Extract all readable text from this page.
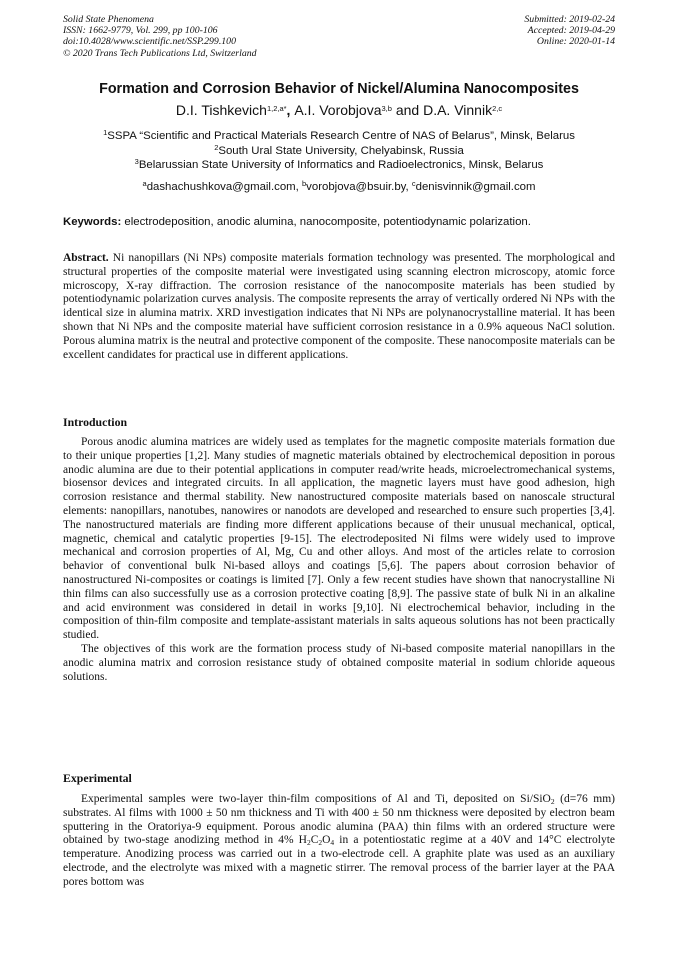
Solid State Phenomena
ISSN: 1662-9779, Vol. 299, pp 100-106
doi:10.4028/www.scientific.net/SSP.299.100
© 2020 Trans Tech Publications Ltd, Switzerland
Submitted: 2019-02-24
Accepted: 2019-04-29
Online: 2020-01-14
Formation and Corrosion Behavior of Nickel/Alumina Nanocomposites
D.I. Tishkevich$^{1,2,a*}$, A.I. Vorobjova$^{3,b}$ and D.A. Vinnik$^{2,c}$
$^1$SSPA “Scientific and Practical Materials Research Centre of NAS of Belarus”, Minsk, Belarus
$^2$South Ural State University, Chelyabinsk, Russia
$^3$Belarussian State University of Informatics and Radioelectronics, Minsk, Belarus
$^a$dashachushkova@gmail.com, $^b$vorobjova@bsuir.by, $^c$denisvinnik@gmail.com
Keywords: electrodeposition, anodic alumina, nanocomposite, potentiodynamic polarization.

Abstract. Ni nanopillars (Ni NPs) composite materials formation technology was presented. The morphological and structural properties of the composite material were investigated using scanning electron microscopy, atomic force microscopy, X-ray diffraction. The corrosion resistance of the nanocomposite materials has been studied by potentiodynamic polarization curves analysis. The composite represents the array of vertically ordered Ni NPs with the identical size in alumina matrix. XRD investigation indicates that Ni NPs are polynanocrystalline material. It has been shown that Ni NPs and the composite material have sufficient corrosion resistance in a 0.9% aqueous NaCl solution. Porous alumina matrix is the neutral and protective component of the composite. These nanocomposite materials can be excellent candidates for practical use in different applications.

Introduction

Porous anodic alumina matrices are widely used as templates for the magnetic composite materials formation due to their unique properties [1,2]. Many studies of magnetic materials obtained by electrochemical deposition in porous anodic alumina are due to their potential applications in computer read/write heads, microelectromechanical systems, biosensor devices and integrated circuits. In all application, the magnetic layers must have good adhesion, high corrosion resistance and thermal stability. New nanostructured composite materials based on nanoscale structural elements: nanopillars, nanotubes, nanowires or nanodots are developed and researched to ensure such properties [3,4]. The nanostructured materials are finding more different applications because of their unusual mechanical, optical, magnetic, chemical and catalytic properties [9-15]. The electrodeposited Ni films were widely used to improve mechanical and corrosion properties of Al, Mg, Cu and other alloys. And most of the articles relate to corrosion behavior of conventional bulk Ni-based alloys and coatings [5,6]. The papers about corrosion behavior of nanostructured Ni-composites or coatings is limited [7]. Only a few recent studies have shown that nanocrystalline Ni thin films can also successfully use as a corrosion protective coating [8,9]. The passive state of bulk Ni in an alkaline and acid environment was considered in detail in works [9,10]. Ni electrochemical behavior, including in the composition of thin-film composite and template-assistant materials in salts aqueous solutions has not been practically studied.

The objectives of this work are the formation process study of Ni-based composite material nanopillars in the anodic alumina matrix and corrosion resistance study of obtained composite material in sodium chloride aqueous solutions.

Experimental

Experimental samples were two-layer thin-film compositions of Al and Ti, deposited on Si/SiO$_2$ (d=76 mm) substrates. Al films with 1000 ± 50 nm thickness and Ti with 400 ± 50 nm thickness were deposited by electron beam sputtering in the Oratoriya-9 equipment. Porous anodic alumina (PAA) thin films with an ordered structure were obtained by two-stage anodizing method in 4% $H_2C_2O_4$ in a potentiostatic regime at a 40V and 14°C electrolyte temperature. Anodizing process was carried out in a two-electrode cell. A graphite plate was used as an auxiliary electrode, and the electrolyte was mixed with a magnetic stirrer. The removal process of the barrier layer at the PAA pores bottom was
